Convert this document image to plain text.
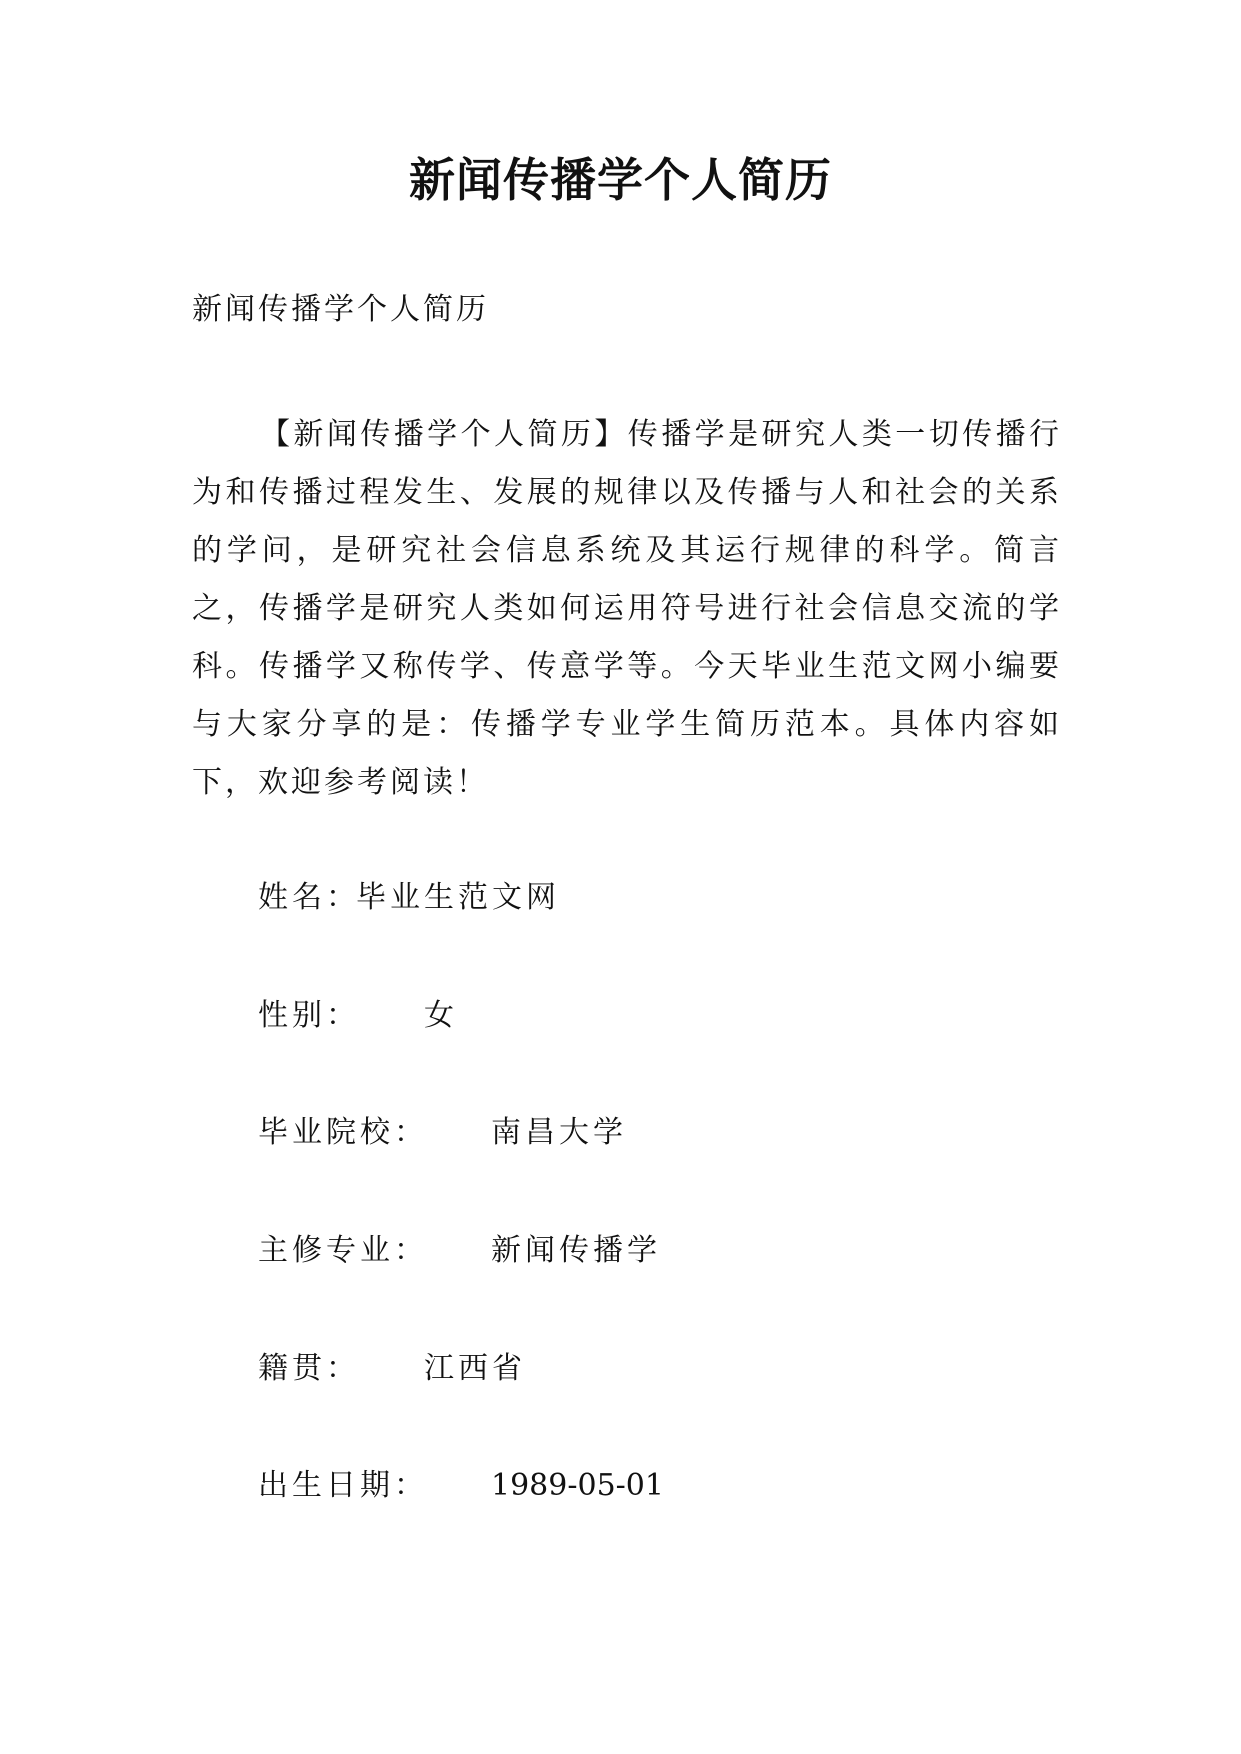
新闻传播学个人简历
新闻传播学个人简历

【新闻传播学个人简历】传播学是研究人类一切传播行为和传播过程发生、发展的规律以及传播与人和社会的关系的学问，是研究社会信息系统及其运行规律的科学。简言之，传播学是研究人类如何运用符号进行社会信息交流的学科。传播学又称传学、传意学等。今天毕业生范文网小编要与大家分享的是：传播学专业学生简历范本。具体内容如下，欢迎参考阅读！

姓名：
毕业生范文网
性别： 女
毕业院校： 南昌大学
主修专业： 新闻传播学
籍贯： 江西省
出生日期： 1989-05-01
